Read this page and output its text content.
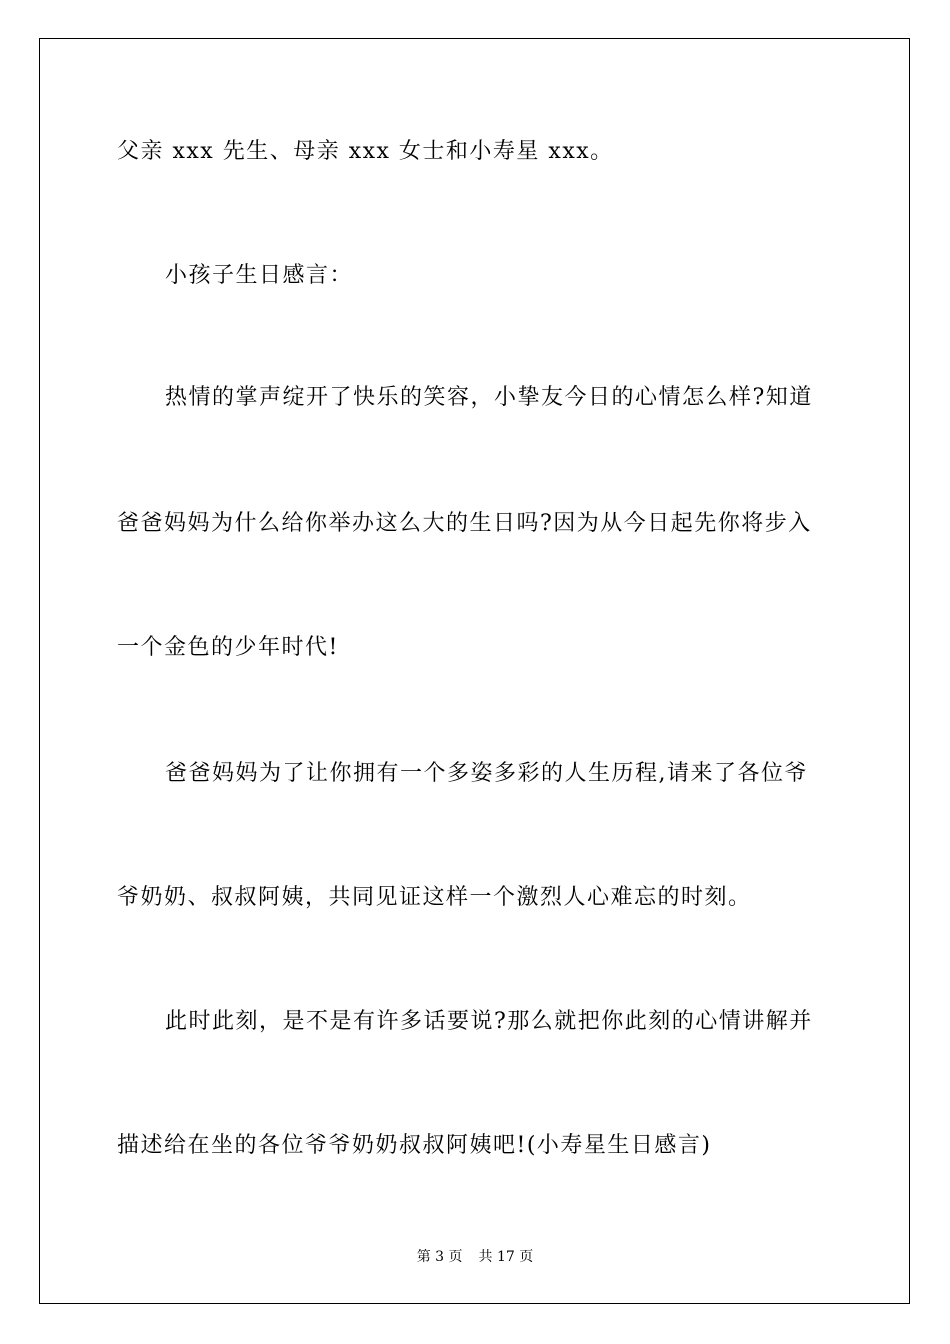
父亲 xxx 先生、母亲 xxx 女士和小寿星 xxx。
小孩子生日感言：
热情的掌声绽开了快乐的笑容，小挚友今日的心情怎么样?知道
爸爸妈妈为什么给你举办这么大的生日吗?因为从今日起先你将步入
一个金色的少年时代!
爸爸妈妈为了让你拥有一个多姿多彩的人生历程,请来了各位爷
爷奶奶、叔叔阿姨，共同见证这样一个激烈人心难忘的时刻。
此时此刻，是不是有许多话要说?那么就把你此刻的心情讲解并
描述给在坐的各位爷爷奶奶叔叔阿姨吧!(小寿星生日感言)
第 3 页 共 17 页
